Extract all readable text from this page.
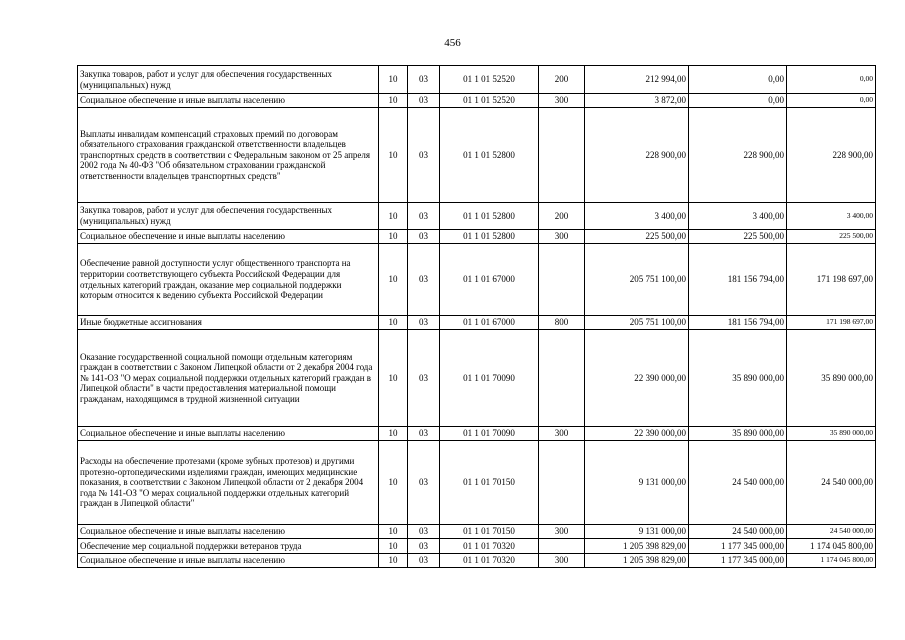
456
Закупка товаров, работ и услуг для обеспечения государственных (муниципальных) нужд	10	03	01 1 01 52520	200	212 994,00	0,00	0,00
Социальное обеспечение и иные выплаты населению	10	03	01 1 01 52520	300	3 872,00	0,00	0,00
Выплаты инвалидам компенсаций страховых премий по договорам обязательного страхования гражданской ответственности владельцев транспортных средств в соответствии с Федеральным законом от 25 апреля 2002 года № 40-ФЗ "Об обязательном страховании гражданской ответственности владельцев транспортных средств"	10	03	01 1 01 52800		228 900,00	228 900,00	228 900,00
Закупка товаров, работ и услуг для обеспечения государственных (муниципальных) нужд	10	03	01 1 01 52800	200	3 400,00	3 400,00	3 400,00
Социальное обеспечение и иные выплаты населению	10	03	01 1 01 52800	300	225 500,00	225 500,00	225 500,00
Обеспечение равной доступности услуг общественного транспорта на территории соответствующего субъекта Российской Федерации для отдельных категорий граждан, оказание мер социальной поддержки которым относится к ведению субъекта Российской Федерации	10	03	01 1 01 67000		205 751 100,00	181 156 794,00	171 198 697,00
Иные бюджетные ассигнования	10	03	01 1 01 67000	800	205 751 100,00	181 156 794,00	171 198 697,00
Оказание государственной социальной помощи отдельным категориям граждан в соответствии с Законом Липецкой области от 2 декабря 2004 года № 141-ОЗ "О мерах социальной поддержки отдельных категорий граждан в Липецкой области" в части предоставления материальной помощи гражданам, находящимся в трудной жизненной ситуации	10	03	01 1 01 70090		22 390 000,00	35 890 000,00	35 890 000,00
Социальное обеспечение и иные выплаты населению	10	03	01 1 01 70090	300	22 390 000,00	35 890 000,00	35 890 000,00
Расходы на обеспечение протезами (кроме зубных протезов) и другими протезно-ортопедическими изделиями граждан, имеющих медицинские показания, в соответствии с Законом Липецкой области от 2 декабря 2004 года № 141-ОЗ "О мерах социальной поддержки отдельных категорий граждан в Липецкой области"	10	03	01 1 01 70150		9 131 000,00	24 540 000,00	24 540 000,00
Социальное обеспечение и иные выплаты населению	10	03	01 1 01 70150	300	9 131 000,00	24 540 000,00	24 540 000,00
Обеспечение мер социальной поддержки ветеранов труда	10	03	01 1 01 70320		1 205 398 829,00	1 177 345 000,00	1 174 045 800,00
Социальное обеспечение и иные выплаты населению	10	03	01 1 01 70320	300	1 205 398 829,00	1 177 345 000,00	1 174 045 800,00
